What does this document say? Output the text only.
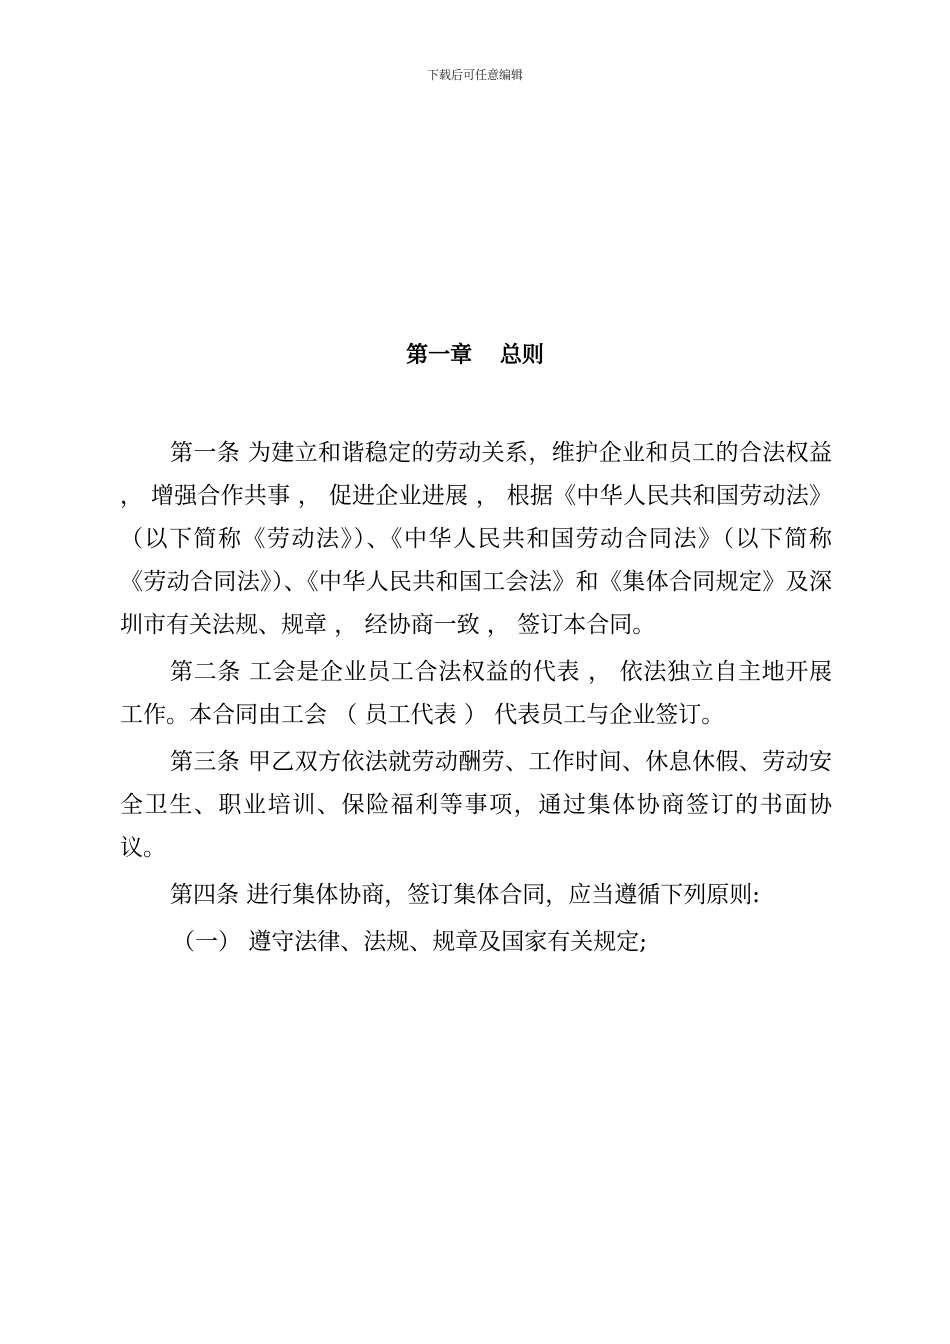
下载后可任意编辑
第一章 总则

第一条 为建立和谐稳定的劳动关系，维护企业和员工的合法权益 ， 增强合作共事 ， 促进企业进展 ， 根据《中华人民共和国劳动法》（以下简称《劳动法》）、《中华人民共和国劳动合同法》（以下简称《劳动合同法》）、《中华人民共和国工会法》和《集体合同规定》及深圳市有关法规、规章 ， 经协商一致 ， 签订本合同。

第二条 工会是企业员工合法权益的代表 ， 依法独立自主地开展工作。本合同由工会 （ 员工代表 ） 代表员工与企业签订。

第三条 甲乙双方依法就劳动酬劳、工作时间、休息休假、劳动安全卫生、职业培训、保险福利等事项，通过集体协商签订的书面协议。

第四条 进行集体协商，签订集体合同，应当遵循下列原则:

（一） 遵守法律、法规、规章及国家有关规定;
